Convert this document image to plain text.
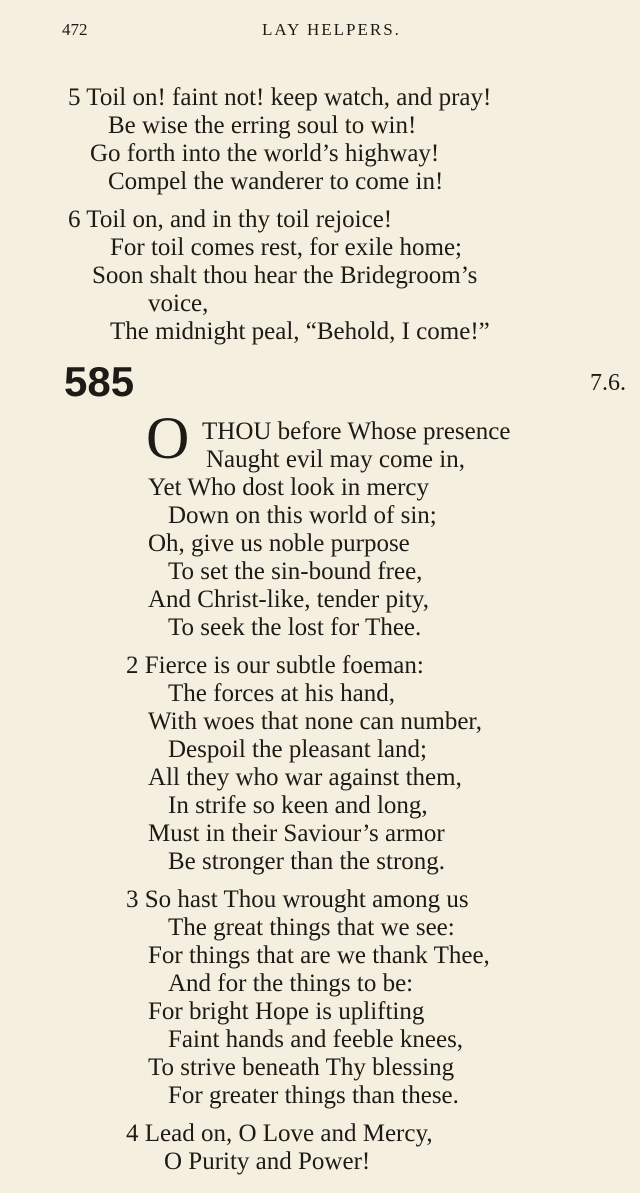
472	LAY HELPERS.
5 Toil on! faint not! keep watch, and pray!
Be wise the erring soul to win!
Go forth into the world’s highway!
Compel the wanderer to come in!
6 Toil on, and in thy toil rejoice!
For toil comes rest, for exile home;
Soon shalt thou hear the Bridegroom’s
voice,
The midnight peal, “Behold, I come!”
585	7.6.
O THOU before Whose presence
Naught evil may come in,
Yet Who dost look in mercy
Down on this world of sin;
Oh, give us noble purpose
To set the sin-bound free,
And Christ-like, tender pity,
To seek the lost for Thee.
2 Fierce is our subtle foeman:
The forces at his hand,
With woes that none can number,
Despoil the pleasant land;
All they who war against them,
In strife so keen and long,
Must in their Saviour’s armor
Be stronger than the strong.
3 So hast Thou wrought among us
The great things that we see:
For things that are we thank Thee,
And for the things to be:
For bright Hope is uplifting
Faint hands and feeble knees,
To strive beneath Thy blessing
For greater things than these.
4 Lead on, O Love and Mercy,
O Purity and Power!
